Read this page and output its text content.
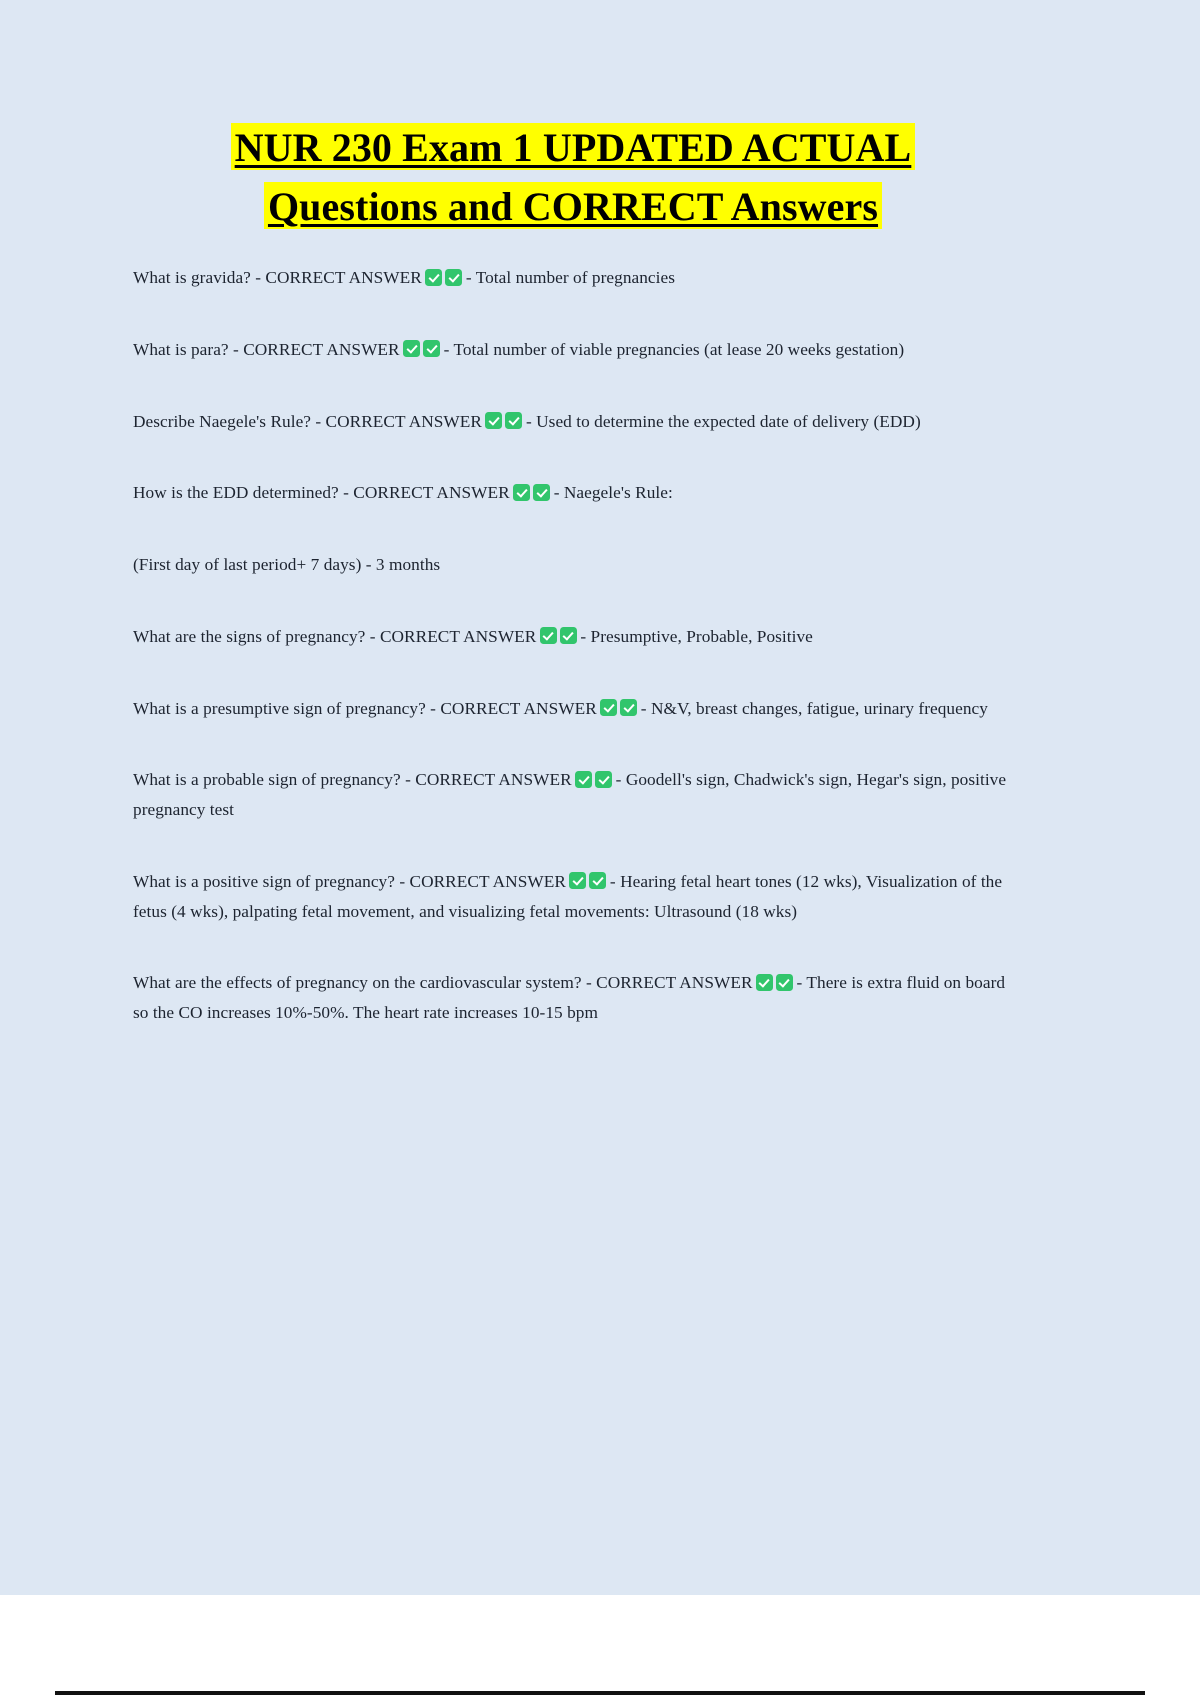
NUR 230 Exam 1 UPDATED ACTUAL
Questions and CORRECT Answers

What is gravida? - CORRECT ANSWER	- Total number of pregnancies

What is para? - CORRECT ANSWER	- Total number of viable pregnancies (at lease 20 weeks gestation)

Describe Naegele's Rule? - CORRECT ANSWER	- Used to determine the expected date of delivery (EDD)

How is the EDD determined? - CORRECT ANSWER	- Naegele's Rule:

(First day of last period+ 7 days) - 3 months

What are the signs of pregnancy? - CORRECT ANSWER	- Presumptive, Probable, Positive

What is a presumptive sign of pregnancy? - CORRECT ANSWER	- N&V, breast changes, fatigue, urinary frequency

What is a probable sign of pregnancy? - CORRECT ANSWER	- Goodell's sign, Chadwick's sign, Hegar's sign, positive pregnancy test

What is a positive sign of pregnancy? - CORRECT ANSWER	- Hearing fetal heart tones (12 wks), Visualization of the fetus (4 wks), palpating fetal movement, and visualizing fetal movements: Ultrasound (18 wks)

What are the effects of pregnancy on the cardiovascular system? - CORRECT ANSWER	- There is extra fluid on board so the CO increases 10%-50%. The heart rate increases 10-15 bpm
